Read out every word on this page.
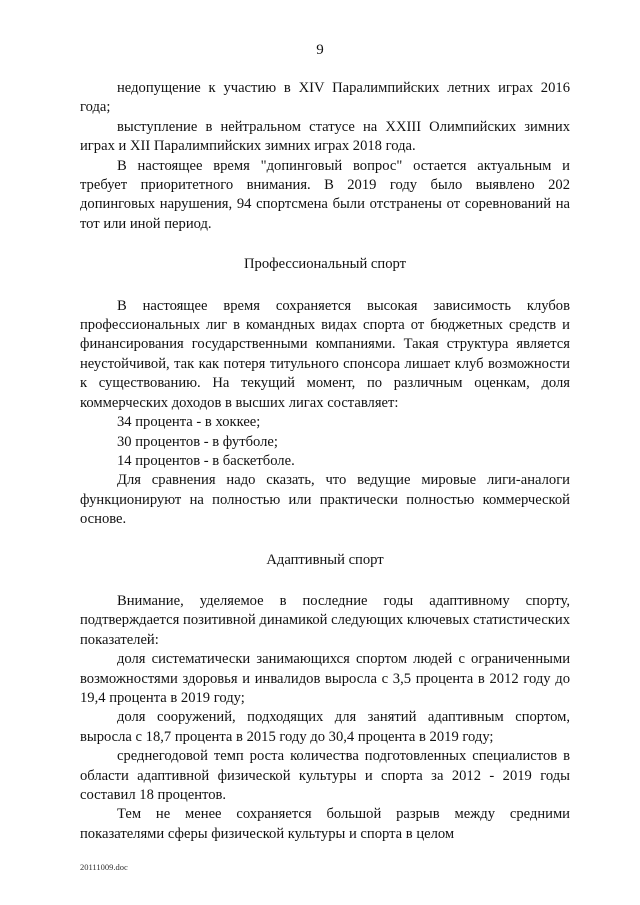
9

недопущение к участию в XIV Паралимпийских летних играх 2016 года;

выступление в нейтральном статусе на XXIII Олимпийских зимних играх и XII Паралимпийских зимних играх 2018 года.

В настоящее время "допинговый вопрос" остается актуальным и требует приоритетного внимания. В 2019 году было выявлено 202 допинговых нарушения, 94 спортсмена были отстранены от соревнований на тот или иной период.

Профессиональный спорт

В настоящее время сохраняется высокая зависимость клубов профессиональных лиг в командных видах спорта от бюджетных средств и финансирования государственными компаниями. Такая структура является неустойчивой, так как потеря титульного спонсора лишает клуб возможности к существованию. На текущий момент, по различным оценкам, доля коммерческих доходов в высших лигах составляет:

34 процента - в хоккее;

30 процентов - в футболе;

14 процентов - в баскетболе.

Для сравнения надо сказать, что ведущие мировые лиги-аналоги функционируют на полностью или практически полностью коммерческой основе.

Адаптивный спорт

Внимание, уделяемое в последние годы адаптивному спорту, подтверждается позитивной динамикой следующих ключевых статистических показателей:

доля систематически занимающихся спортом людей с ограниченными возможностями здоровья и инвалидов выросла с 3,5 процента в 2012 году до 19,4 процента в 2019 году;

доля сооружений, подходящих для занятий адаптивным спортом, выросла с 18,7 процента в 2015 году до 30,4 процента в 2019 году;

среднегодовой темп роста количества подготовленных специалистов в области адаптивной физической культуры и спорта за 2012 - 2019 годы составил 18 процентов.

Тем не менее сохраняется большой разрыв между средними показателями сферы физической культуры и спорта в целом

20111009.doc
